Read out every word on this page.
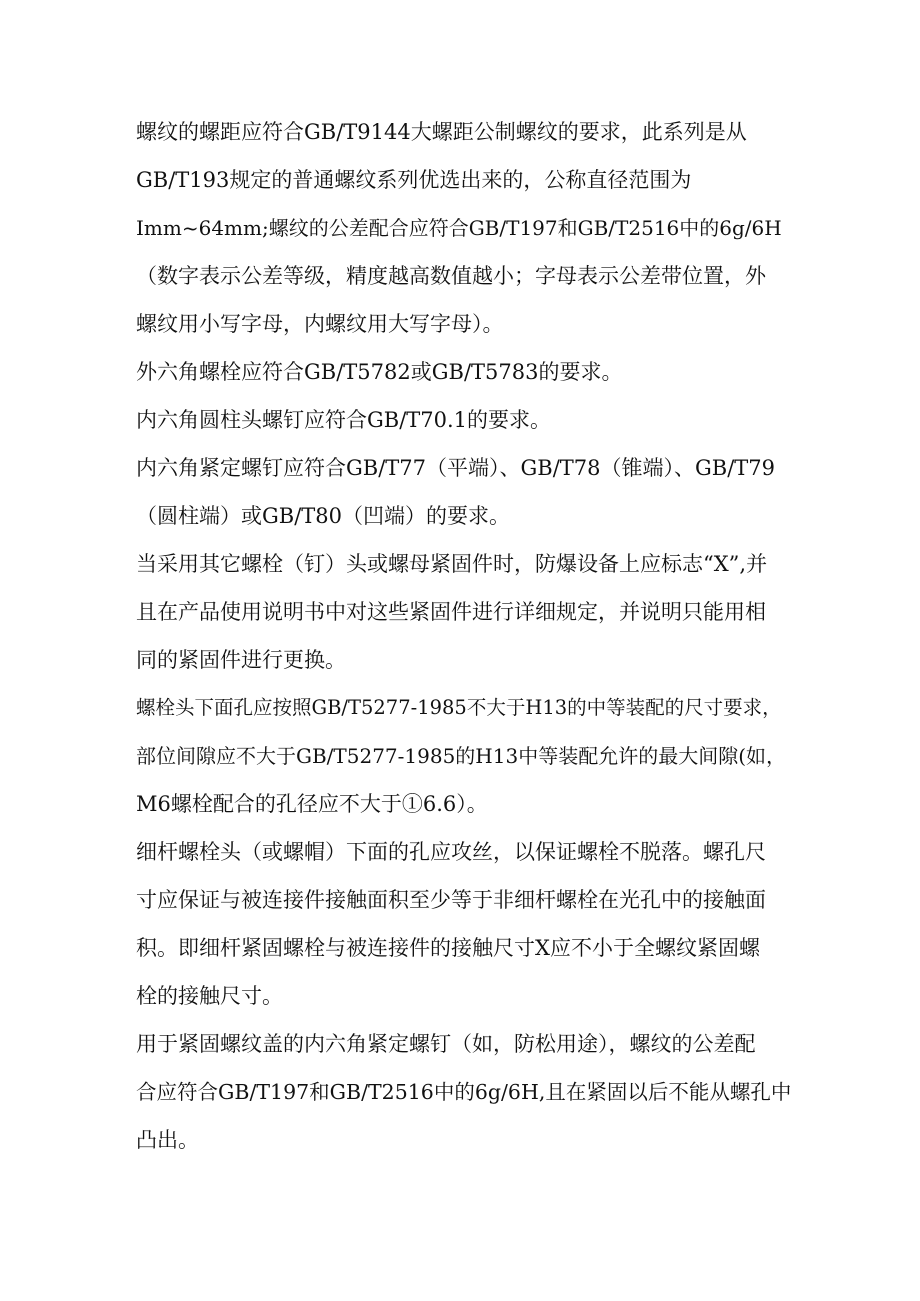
螺纹的螺距应符合GB/T9144大螺距公制螺纹的要求，此系列是从
GB/T193规定的普通螺纹系列优选出来的，公称直径范围为
Imm~64mm;螺纹的公差配合应符合GB/T197和GB/T2516中的6g∕6H
（数字表示公差等级，精度越高数值越小；字母表示公差带位置，外
螺纹用小写字母，内螺纹用大写字母）。
外六角螺栓应符合GB/T5782或GB/T5783的要求。
内六角圆柱头螺钉应符合GB/T70.1的要求。
内六角紧定螺钉应符合GB/T77（平端）、GB/T78（锥端）、GB/T79
（圆柱端）或GB/T80（凹端）的要求。
当采用其它螺栓（钉）头或螺母紧固件时，防爆设备上应标志“X”,并
且在产品使用说明书中对这些紧固件进行详细规定，并说明只能用相
同的紧固件进行更换。
螺栓头下面孔应按照GB/T5277-1985不大于H13的中等装配的尺寸要求，
部位间隙应不大于GB/T5277-1985的H13中等装配允许的最大间隙(如，
M6螺栓配合的孔径应不大于①6.6）。
细杆螺栓头（或螺帽）下面的孔应攻丝，以保证螺栓不脱落。螺孔尺
寸应保证与被连接件接触面积至少等于非细杆螺栓在光孔中的接触面
积。即细杆紧固螺栓与被连接件的接触尺寸X应不小于全螺纹紧固螺
栓的接触尺寸。
用于紧固螺纹盖的内六角紧定螺钉（如，防松用途），螺纹的公差配
合应符合GB/T197和GB/T2516中的6g/6H,且在紧固以后不能从螺孔中
凸出。
